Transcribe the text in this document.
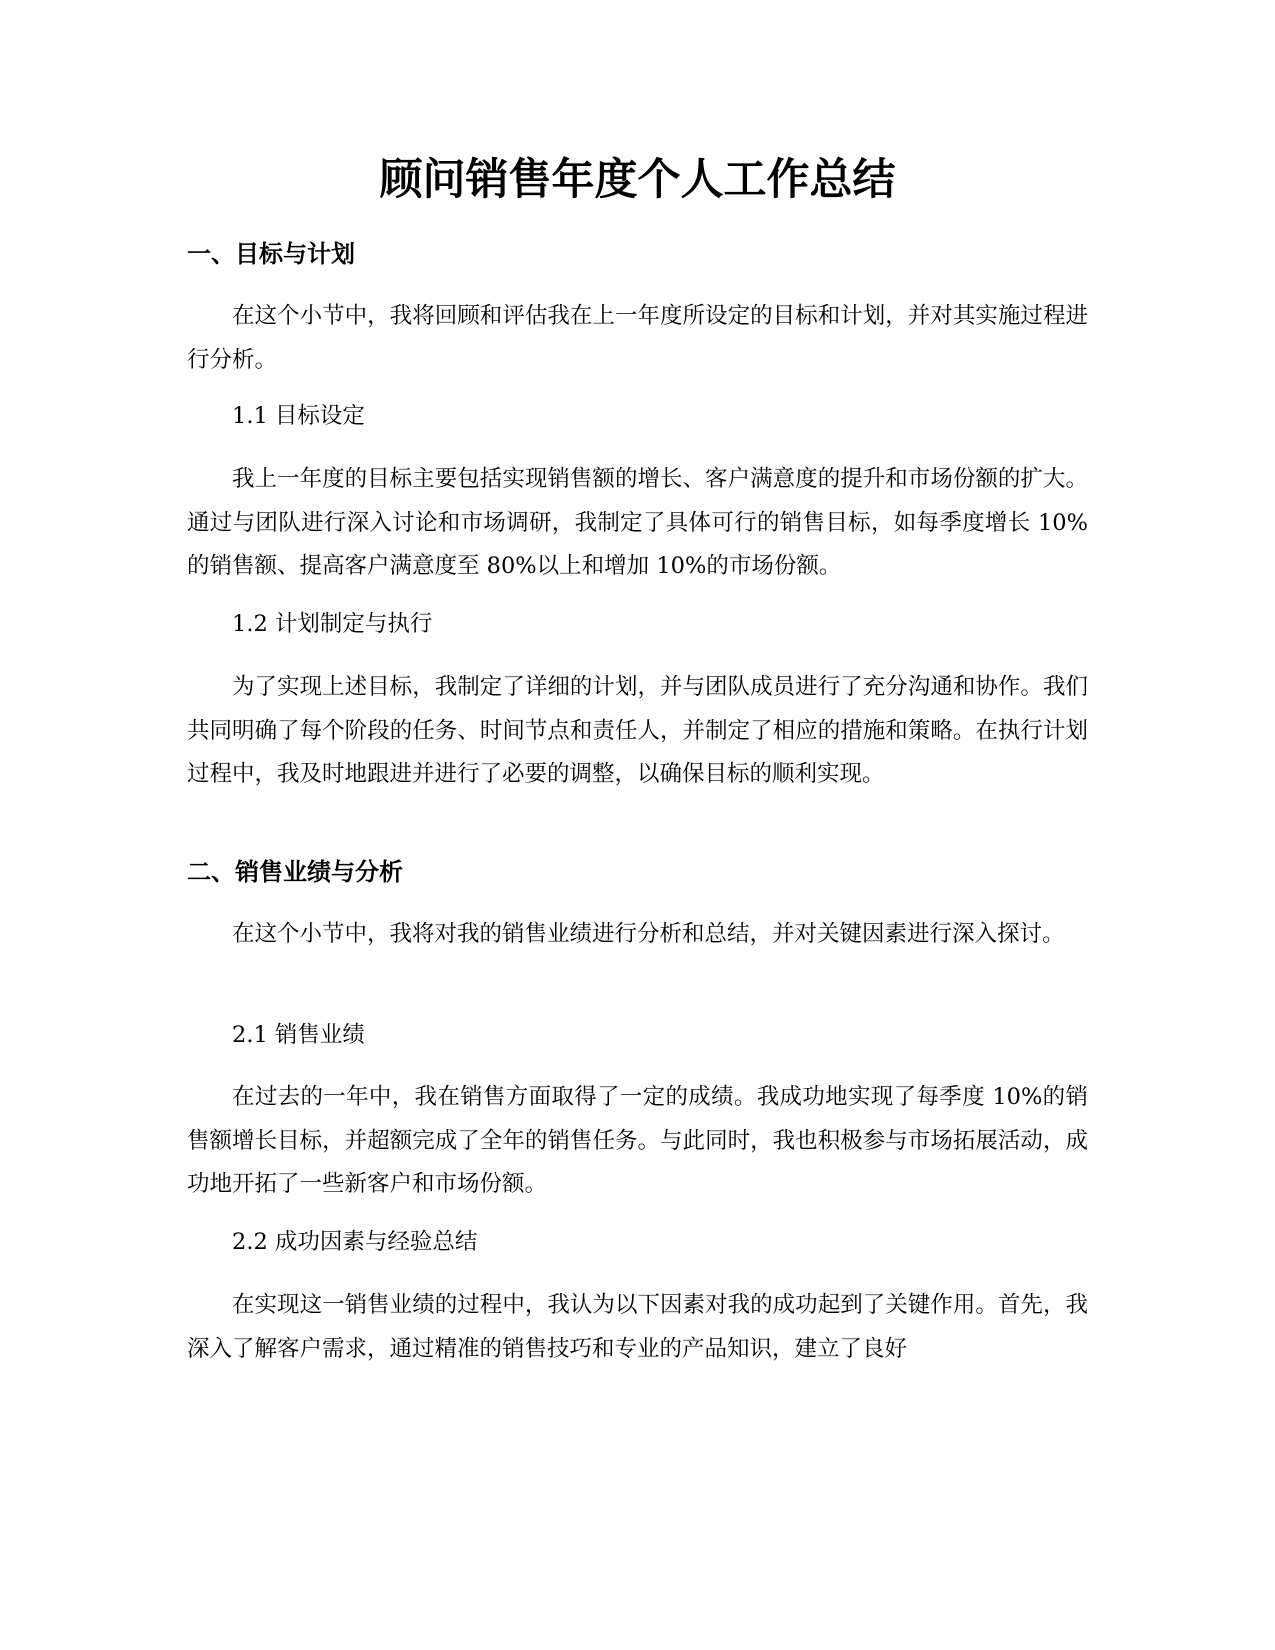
顾问销售年度个人工作总结
一、目标与计划

在这个小节中，我将回顾和评估我在上一年度所设定的目标和计划，并对其实施过程进行分析。

1.1 目标设定

我上一年度的目标主要包括实现销售额的增长、客户满意度的提升和市场份额的扩大。通过与团队进行深入讨论和市场调研，我制定了具体可行的销售目标，如每季度增长 10%的销售额、提高客户满意度至 80%以上和增加 10%的市场份额。

1.2 计划制定与执行

为了实现上述目标，我制定了详细的计划，并与团队成员进行了充分沟通和协作。我们共同明确了每个阶段的任务、时间节点和责任人，并制定了相应的措施和策略。在执行计划过程中，我及时地跟进并进行了必要的调整，以确保目标的顺利实现。

二、销售业绩与分析

在这个小节中，我将对我的销售业绩进行分析和总结，并对关键因素进行深入探讨。

2.1 销售业绩

在过去的一年中，我在销售方面取得了一定的成绩。我成功地实现了每季度 10%的销售额增长目标，并超额完成了全年的销售任务。与此同时，我也积极参与市场拓展活动，成功地开拓了一些新客户和市场份额。

2.2 成功因素与经验总结

在实现这一销售业绩的过程中，我认为以下因素对我的成功起到了关键作用。首先，我深入了解客户需求，通过精准的销售技巧和专业的产品知识，建立了良好
